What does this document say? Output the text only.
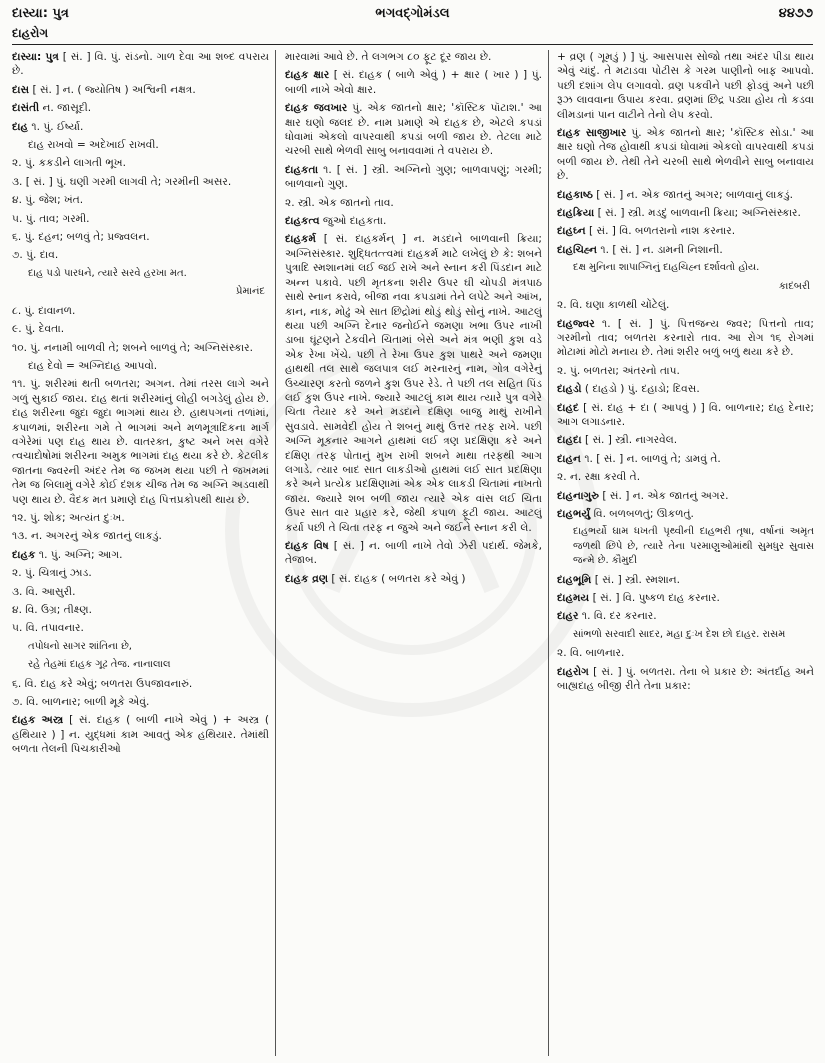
દાસ્યા: પુત્ર	ભગવદ્ગોમંડલ	૪૪૭૭
દાહરોગ
દાસ્યા: પુત્ર [ સં. ] વિ. પું. રાંડનો. ગાળ દેવા આ શબ્દ વપરાય છે.
દાસ [ સં. ] ન. ( જ્યોતિષ ) અશ્વિની નક્ષત્ર.
દાસંતી ન. જાસૂદી.
દાહ ૧. પું. ઈર્ષ્યા.
દાહ રાખવો = અદેખાઈ રાખવી.
૨. પું. કકડીને લાગતી ભૂખ.
૩. [ સં. ] પું. ઘણી ગરમી લાગવી તે; ગરમીની અસર.
૪. પું. જેશ; ખંત.
૫. પું. તાવ; ગરમી.
૬. પું. દહન; બળવું તે; પ્રજ્વલન.
૭. પું. દાવ.
દાહ પડો પારધને, ત્યારે સરવે હરખા મત.
પ્રેમાનંદ
૮. પું. દાવાનળ.
૯. પું. દેવતા.
૧૦. પું. નનામી બાળવી તે; શબને બાળવું તે; અગ્નિસંસ્કાર.
દાહ દેવો = અગ્નિદાહ આપવો.
૧૧. પું. શરીરમાં થતી બળતરા; અગન. તેમાં તરસ લાગે અને ગળું સુકાઈ જાય. દાહ થતાં શરીરમાંનું લોહી બગડેલું હોય છે. દાહ શરીરના જુદા જુદા ભાગમાં થાય છે. હાથપગનાં તળાંમાં, કપાળમાં, શરીરના ગમે તે ભાગમાં અને મળમૂત્રાદિકના માર્ગ વગેરેમાં પણ દાહ થાય છે. વાતરક્ત, કુષ્ટ અને ખસ વગેરે ત્વચાદોષોમાં શરીરના અમુક ભાગમાં દાહ થયા કરે છે. કેટલીક જાતના જ્વરની અંદર તેમ જ જખમ થયા પછી તે જખમમાં તેમ જ બિલામું વગેરે કોઈ દંશક ચીજ તેમ જ અગ્નિ અડવાથી પણ થાય છે. વૈદક મત પ્રમાણે દાહ પિત્તપ્રકોપથી થાય છે.
૧૨. પું. શોક; અત્યંત દુઃખ.
૧૩. ન. અગરનું એક જાતનું લાકડું.
દાહક ૧. પું. અગ્નિ; આગ.
૨. પું. ચિત્રાનું ઝાડ.
૩. વિ. આસુરી.
૪. વિ. ઉગ્ર; તીક્ષ્ણ.
૫. વિ. તપાવનાર.
તપોધનો સાગર શાંતિના છે,
રહે તેહમાં દાહક ગૂઢ તેજ. નાનાલાલ
૬. વિ. દાહ કરે એવું; બળતરા ઉપજાવનારું.
૭. વિ. બાળનાર; બાળી મૂકે એવું.
દાહક અસ્ત્ર [ સં. દાહક ( બાળી નાખે એવું ) + અસ્ત્ર ( હથિયાર ) ] ન. યુદ્ધમાં કામ આવતું એક હથિયાર. તેમાંથી બળતા તેલની પિચકારીઓ
મારવામાં આવે છે. તે લગભગ ૮૦ ફૂટ દૂર જાય છે.
દાહક ક્ષાર [ સં. દાહક ( બાળે એવું ) + ક્ષાર ( ખાર ) ] પું. બાળી નાખે એવો ક્ષાર.
દાહક જવખાર પું. એક જાતનો ક્ષાર; 'કૉસ્ટિક પૉટાશ.' આ ક્ષાર ઘણો જલદ છે. નામ પ્રમાણે એ દાહક છે, એટલે કપડાં ધોવામાં એકલો વાપરવાથી કપડાં બળી જાય છે. તેટલા માટે ચરબી સાથે ભેળવી સાબુ બનાવવામાં તે વપરાય છે.
દાહકતા ૧. [ સં. ] સ્ત્રી. અગ્નિનો ગુણ; બાળવાપણું; ગરમી; બાળવાનો ગુણ.
૨. સ્ત્રી. એક જાતનો તાવ.
દાહકત્વ જુઓ દાહકતા.
દાહકર્મ [ સં. દાહકર્મન્ ] ન. મડદાને બાળવાની ક્રિયા; અગ્નિસંસ્કાર. શુદ્ધિતત્ત્વમાં દાહકર્મ માટે લખેલું છે કે: શબને પુત્રાદિ સ્મશાનમાં લઈ જઈ રાખે અને સ્નાન કરી પિંડદાન માટે અન્ન પકાવે. પછી મૃતકના શરીર ઉપર ઘી ચોપડી મંત્રપાઠ સાથે સ્નાન કરાવે, બીજા નવા કપડામાં તેને લપેટે અને આંખ, કાન, નાક, મોઢું એ સાત છિદ્રોમાં થોડું થોડું સોનું નાખે. આટલું થયા પછી અગ્નિ દેનાર જનોઈને જમણા ખભા ઉપર નાખી ડાબા ઘૂંટણને ટેકવીને ચિતામાં બેસે અને મંત્ર ભણી કુશ વડે એક રેખા ખેંચે. પછી તે રેખા ઉપર કુશ પાથરે અને જમણા હાથથી તલ સાથે જલપાત્ર લઈ મરનારનું નામ, ગોત્ર વગેરેનું ઉચ્ચારણ કરતો જળને કુશ ઉપર રેડે. તે પછી તલ સહિત પિંડ લઈ કુશ ઉપર નાખે. જ્યારે આટલું કામ થાય ત્યારે પુત્ર વગેરે ચિતા તૈયાર કરે અને મડદાને દક્ષિણ બાજુ માથું રાખીને સુવડાવે. સામવેદી હોય તે શબનું માથું ઉત્તર તરફ રાખે. પછી અગ્નિ મૂકનાર આગને હાથમાં લઈ ત્રણ પ્રદક્ષિણા કરે અને દક્ષિણ તરફ પોતાનું મુખ રાખી શબને માથા તરફથી આગ લગાડે. ત્યાર બાદ સાત લાકડીઓ હાથમાં લઈ સાત પ્રદક્ષિણા કરે અને પ્રત્યેક પ્રદક્ષિણામાં એક એક લાકડી ચિતામાં નાખતો જાય. જ્યારે શબ બળી જાય ત્યારે એક વાંસ લઈ ચિતા ઉપર સાત વાર પ્રહાર કરે, જેથી કપાળ ફૂટી જાય. આટલું કર્યા પછી તે ચિતા તરફ ન જુએ અને જઈને સ્નાન કરી લે.
દાહક વિષ [ સં. ] ન. બાળી નાખે તેવો ઝેરી પદાર્થ. જેમકે, તેજાબ.
દાહક વ્રણ [ સં. દાહક ( બળતરા કરે એવું )
+ વ્રણ ( ગૂમડું ) ] પું. આસપાસ સોજો તથા અંદર પીડા થાય એવું ચાંદું. તે મટાડવા પોટીસ કે ગરમ પાણીનો બાફ આપવો. પછી દશાંગ લેપ લગાવવો. વ્રણ પકવીને પછી ફોડવું અને પછી રૂઝ લાવવાના ઉપાય કરવા. વ્રણમાં છિદ્ર પડ્યા હોય તો કડવા લીમડાનાં પાન વાટીને તેનો લેપ કરવો.
દાહક સાજીખાર પું. એક જાતનો ક્ષાર; 'કૉસ્ટિક સોડા.' આ ક્ષાર ઘણો તેજ હોવાથી કપડાં ધોવામાં એકલો વાપરવાથી કપડાં બળી જાય છે. તેથી તેને ચરબી સાથે ભેળવીને સાબુ બનાવાય છે.
દાહકાષ્ઠ [ સં. ] ન. એક જાતનું અગર; બાળવાનું લાકડું.
દાહક્રિયા [ સં. ] સ્ત્રી. મડદું બાળવાની ક્રિયા; અગ્નિસંસ્કાર.
દાહઘ્ન [ સં. ] વિ. બળતરાનો નાશ કરનાર.
દાહચિહ્ન ૧. [ સં. ] ન. ડામની નિશાની.
દક્ષ મુનિના શાપાગ્નિનું દાહચિહ્ન દર્શાવતો હોય.
કાદંબરી
૨. વિ. ઘણા કાળથી ચોંટેલું.
દાહજ્વર ૧. [ સં. ] પું. પિત્તજન્ય જ્વર; પિત્તનો તાવ; ગરમીનો તાવ; બળતરા કરનારો તાવ. આ રોગ ૧૬ રોગમાં મોટામાં મોટો મનાય છે. તેમાં શરીર બળું બળું થયા કરે છે.
૨. પું. બળતરા; અંતરનો તાપ.
દાહડો ( દાહડો ) પું. દહાડો; દિવસ.
દાહદ [ સં. દાહ + દા ( આપવું ) ] વિ. બાળનાર; દાહ દેનાર; આગ લગાડનાર.
દાહદા [ સં. ] સ્ત્રી. નાગરવેલ.
દાહન ૧. [ સં. ] ન. બાળવું તે; ડામવું તે.
૨. ન. રક્ષા કરવી તે.
દાહનાગુરુ [ સં. ] ન. એક જાતનું અગર.
દાહભર્યું વિ. બળબળતું; ઊકળતું.
દાહભર્યો ઘામ ધખતી પૃથ્વીની દાહભરી તૃષા, વર્ષાનાં અમૃત જળથી છિપે છે, ત્યારે તેના પરમાણુઓમાંથી સુમધુર સુવાસ જન્મે છે. કૌમુદી
દાહભૂમિ [ સં. ] સ્ત્રી. સ્મશાન.
દાહમય [ સં. ] વિ. પુષ્કળ દાહ કરનાર.
દાહર ૧. વિ. દર કરનાર.
સાંભળો સરવાદી સાદર, મહા દુઃખ દેશ છો દાહર. રાસમ
૨. વિ. બાળનાર.
દાહરોગ [ સં. ] પું. બળતરા. તેના બે પ્રકાર છે: અંતર્દાહ અને બાહ્યદાહ બીજી રીતે તેના પ્રકાર:
